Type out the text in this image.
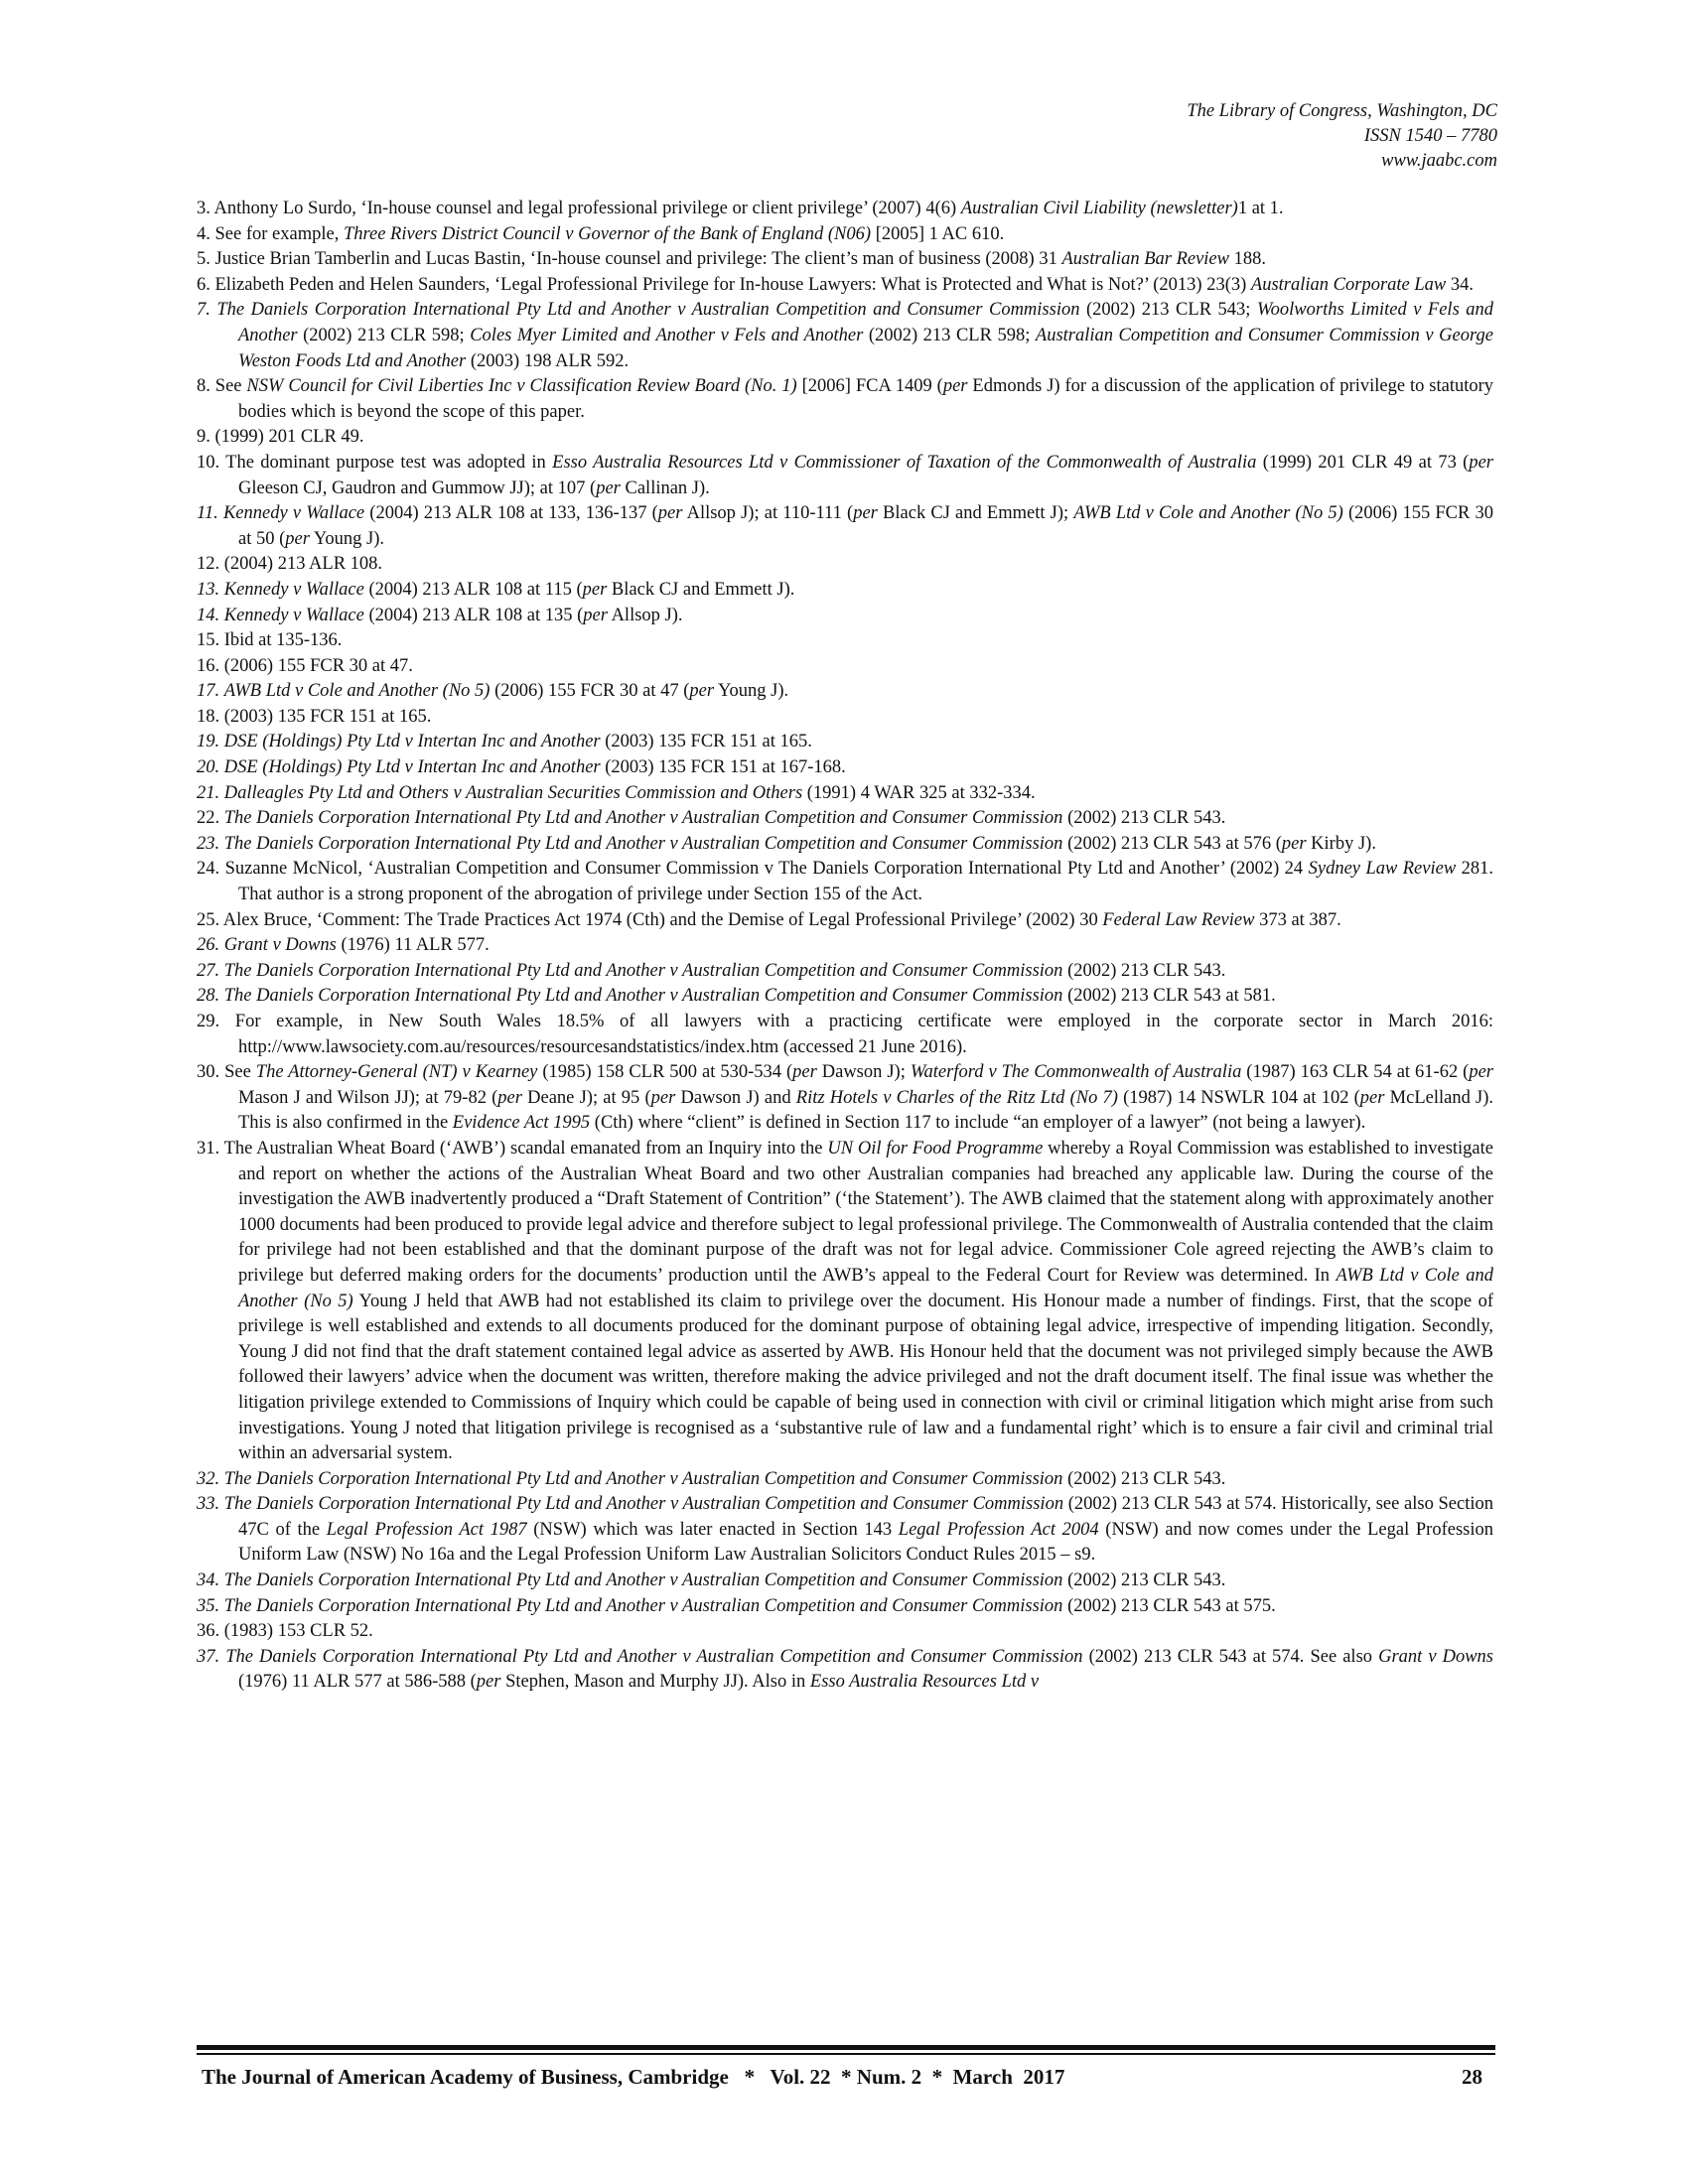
The Library of Congress, Washington, DC
ISSN 1540 – 7780
www.jaabc.com
3. Anthony Lo Surdo, ‘In-house counsel and legal professional privilege or client privilege’ (2007) 4(6) Australian Civil Liability (newsletter)1 at 1.
4. See for example, Three Rivers District Council v Governor of the Bank of England (N06) [2005] 1 AC 610.
5. Justice Brian Tamberlin and Lucas Bastin, ‘In-house counsel and privilege: The client’s man of business (2008) 31 Australian Bar Review 188.
6. Elizabeth Peden and Helen Saunders, ‘Legal Professional Privilege for In-house Lawyers: What is Protected and What is Not?’ (2013) 23(3) Australian Corporate Law 34.
7. The Daniels Corporation International Pty Ltd and Another v Australian Competition and Consumer Commission (2002) 213 CLR 543; Woolworths Limited v Fels and Another (2002) 213 CLR 598; Coles Myer Limited and Another v Fels and Another (2002) 213 CLR 598; Australian Competition and Consumer Commission v George Weston Foods Ltd and Another (2003) 198 ALR 592.
8. See NSW Council for Civil Liberties Inc v Classification Review Board (No. 1) [2006] FCA 1409 (per Edmonds J) for a discussion of the application of privilege to statutory bodies which is beyond the scope of this paper.
9. (1999) 201 CLR 49.
10. The dominant purpose test was adopted in Esso Australia Resources Ltd v Commissioner of Taxation of the Commonwealth of Australia (1999) 201 CLR 49 at 73 (per Gleeson CJ, Gaudron and Gummow JJ); at 107 (per Callinan J).
11. Kennedy v Wallace (2004) 213 ALR 108 at 133, 136-137 (per Allsop J); at 110-111 (per Black CJ and Emmett J); AWB Ltd v Cole and Another (No 5) (2006) 155 FCR 30 at 50 (per Young J).
12. (2004) 213 ALR 108.
13. Kennedy v Wallace (2004) 213 ALR 108 at 115 (per Black CJ and Emmett J).
14. Kennedy v Wallace (2004) 213 ALR 108 at 135 (per Allsop J).
15. Ibid at 135-136.
16. (2006) 155 FCR 30 at 47.
17. AWB Ltd v Cole and Another (No 5) (2006) 155 FCR 30 at 47 (per Young J).
18. (2003) 135 FCR 151 at 165.
19. DSE (Holdings) Pty Ltd v Intertan Inc and Another (2003) 135 FCR 151 at 165.
20. DSE (Holdings) Pty Ltd v Intertan Inc and Another (2003) 135 FCR 151 at 167-168.
21. Dalleagles Pty Ltd and Others v Australian Securities Commission and Others (1991) 4 WAR 325 at 332-334.
22. The Daniels Corporation International Pty Ltd and Another v Australian Competition and Consumer Commission (2002) 213 CLR 543.
23. The Daniels Corporation International Pty Ltd and Another v Australian Competition and Consumer Commission (2002) 213 CLR 543 at 576 (per Kirby J).
24. Suzanne McNicol, ‘Australian Competition and Consumer Commission v The Daniels Corporation International Pty Ltd and Another’ (2002) 24 Sydney Law Review 281. That author is a strong proponent of the abrogation of privilege under Section 155 of the Act.
25. Alex Bruce, ‘Comment: The Trade Practices Act 1974 (Cth) and the Demise of Legal Professional Privilege’ (2002) 30 Federal Law Review 373 at 387.
26. Grant v Downs (1976) 11 ALR 577.
27. The Daniels Corporation International Pty Ltd and Another v Australian Competition and Consumer Commission (2002) 213 CLR 543.
28. The Daniels Corporation International Pty Ltd and Another v Australian Competition and Consumer Commission (2002) 213 CLR 543 at 581.
29. For example, in New South Wales 18.5% of all lawyers with a practicing certificate were employed in the corporate sector in March 2016: http://www.lawsociety.com.au/resources/resourcesandstatistics/index.htm (accessed 21 June 2016).
30. See The Attorney-General (NT) v Kearney (1985) 158 CLR 500 at 530-534 (per Dawson J); Waterford v The Commonwealth of Australia (1987) 163 CLR 54 at 61-62 (per Mason J and Wilson JJ); at 79-82 (per Deane J); at 95 (per Dawson J) and Ritz Hotels v Charles of the Ritz Ltd (No 7) (1987) 14 NSWLR 104 at 102 (per McLelland J). This is also confirmed in the Evidence Act 1995 (Cth) where “client” is defined in Section 117 to include “an employer of a lawyer” (not being a lawyer).
31. The Australian Wheat Board (‘AWB’) scandal emanated from an Inquiry into the UN Oil for Food Programme whereby a Royal Commission was established to investigate and report on whether the actions of the Australian Wheat Board and two other Australian companies had breached any applicable law. During the course of the investigation the AWB inadvertently produced a “Draft Statement of Contrition” (‘the Statement’). The AWB claimed that the statement along with approximately another 1000 documents had been produced to provide legal advice and therefore subject to legal professional privilege. The Commonwealth of Australia contended that the claim for privilege had not been established and that the dominant purpose of the draft was not for legal advice. Commissioner Cole agreed rejecting the AWB’s claim to privilege but deferred making orders for the documents’ production until the AWB’s appeal to the Federal Court for Review was determined. In AWB Ltd v Cole and Another (No 5) Young J held that AWB had not established its claim to privilege over the document. His Honour made a number of findings. First, that the scope of privilege is well established and extends to all documents produced for the dominant purpose of obtaining legal advice, irrespective of impending litigation. Secondly, Young J did not find that the draft statement contained legal advice as asserted by AWB. His Honour held that the document was not privileged simply because the AWB followed their lawyers’ advice when the document was written, therefore making the advice privileged and not the draft document itself. The final issue was whether the litigation privilege extended to Commissions of Inquiry which could be capable of being used in connection with civil or criminal litigation which might arise from such investigations. Young J noted that litigation privilege is recognised as a ‘substantive rule of law and a fundamental right’ which is to ensure a fair civil and criminal trial within an adversarial system.
32. The Daniels Corporation International Pty Ltd and Another v Australian Competition and Consumer Commission (2002) 213 CLR 543.
33. The Daniels Corporation International Pty Ltd and Another v Australian Competition and Consumer Commission (2002) 213 CLR 543 at 574. Historically, see also Section 47C of the Legal Profession Act 1987 (NSW) which was later enacted in Section 143 Legal Profession Act 2004 (NSW) and now comes under the Legal Profession Uniform Law (NSW) No 16a and the Legal Profession Uniform Law Australian Solicitors Conduct Rules 2015 – s9.
34. The Daniels Corporation International Pty Ltd and Another v Australian Competition and Consumer Commission (2002) 213 CLR 543.
35. The Daniels Corporation International Pty Ltd and Another v Australian Competition and Consumer Commission (2002) 213 CLR 543 at 575.
36. (1983) 153 CLR 52.
37. The Daniels Corporation International Pty Ltd and Another v Australian Competition and Consumer Commission (2002) 213 CLR 543 at 574. See also Grant v Downs (1976) 11 ALR 577 at 586-588 (per Stephen, Mason and Murphy JJ). Also in Esso Australia Resources Ltd v
The Journal of American Academy of Business, Cambridge   *   Vol. 22  * Num. 2  *  March  2017	28
